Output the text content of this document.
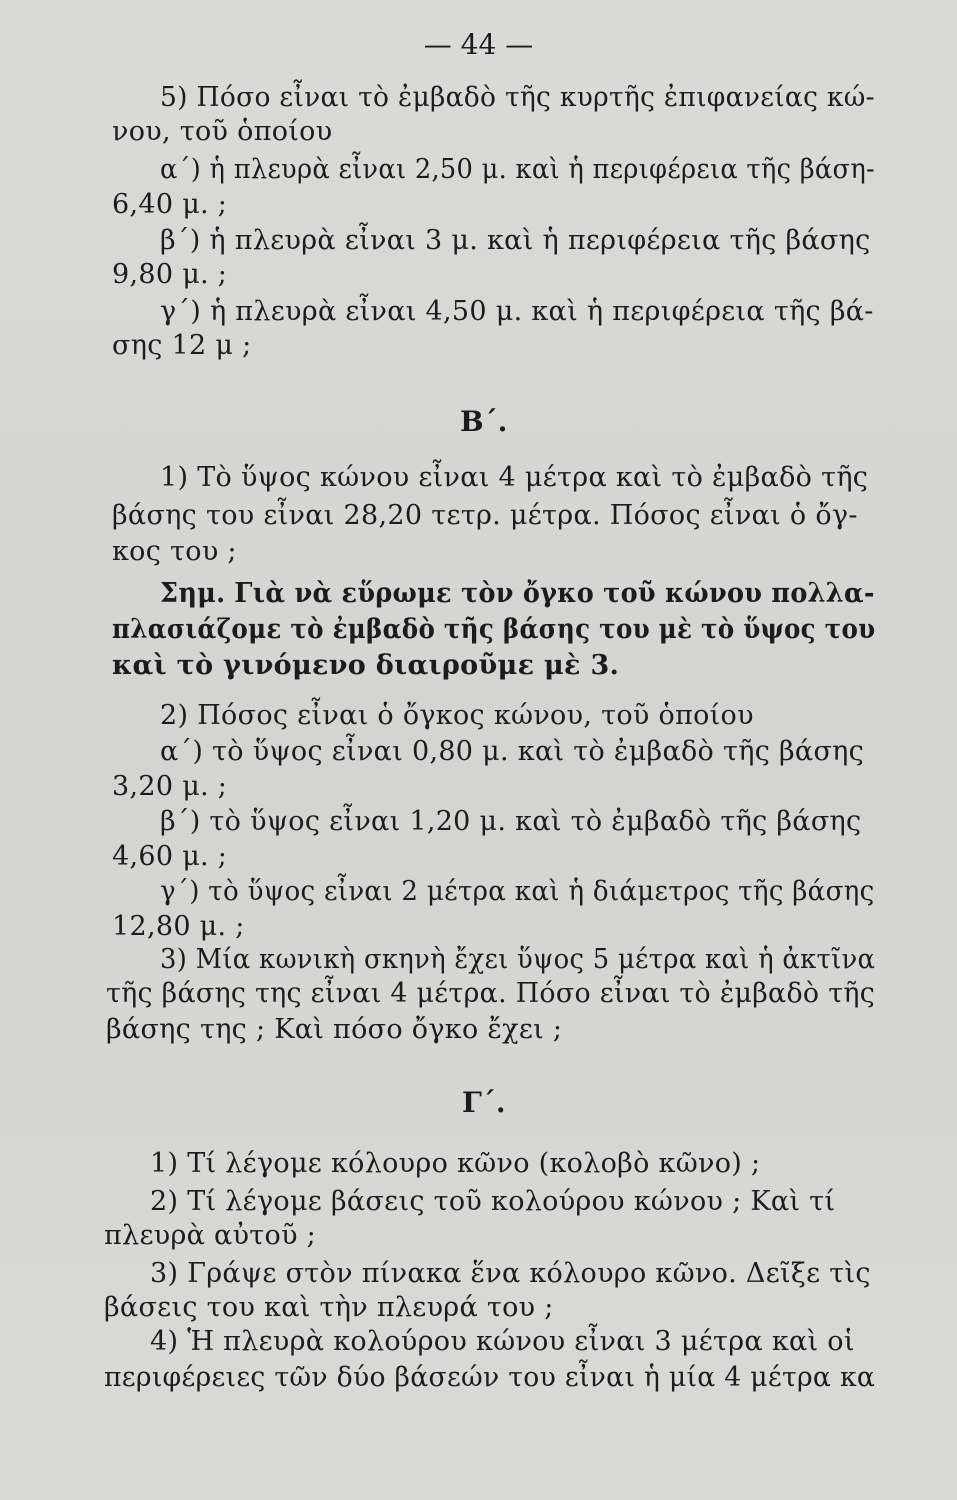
— 44 —

5) Πόσο εἶναι τὸ ἐμβαδὸ τῆς κυρτῆς ἐπιφανείας κώ-

νου, τοῦ ὁποίου

α΄) ἡ πλευρὰ εἶναι 2,50 μ. καὶ ἡ περιφέρεια τῆς βάση-

6,40 μ. ;

β΄) ἡ πλευρὰ εἶναι 3 μ. καὶ ἡ περιφέρεια τῆς βάσης

9,80 μ. ;

γ΄) ἡ πλευρὰ εἶναι 4,50 μ. καὶ ἡ περιφέρεια τῆς βά-

σης 12 μ ;

Β΄.

1) Τὸ ὕψος κώνου εἶναι 4 μέτρα καὶ τὸ ἐμβαδὸ τῆς

βάσης του εἶναι 28,20 τετρ. μέτρα. Πόσος εἶναι ὁ ὄγ-

κος του ;

Σημ. Γιὰ νὰ εὕρωμε τὸν ὄγκο τοῦ κώνου πολλα-

πλασιάζομε τὸ ἐμβαδὸ τῆς βάσης του μὲ τὸ ὕψος του

καὶ τὸ γινόμενο διαιροῦμε μὲ 3.

2) Πόσος εἶναι ὁ ὄγκος κώνου, τοῦ ὁποίου

α΄) τὸ ὕψος εἶναι 0,80 μ. καὶ τὸ ἐμβαδὸ τῆς βάσης

3,20 μ. ;

β΄) τὸ ὕψος εἶναι 1,20 μ. καὶ τὸ ἐμβαδὸ τῆς βάσης

4,60 μ. ;

γ΄) τὸ ὕψος εἶναι 2 μέτρα καὶ ἡ διάμετρος τῆς βάσης

12,80 μ. ;

3) Μία κωνικὴ σκηνὴ ἔχει ὕψος 5 μέτρα καὶ ἡ ἀκτῖνα

τῆς βάσης της εἶναι 4 μέτρα. Πόσο εἶναι τὸ ἐμβαδὸ τῆς

βάσης της ; Καὶ πόσο ὄγκο ἔχει ;

Γ΄.

1) Τί λέγομε κόλουρο κῶνο (κολοβὸ κῶνο) ;

2) Τί λέγομε βάσεις τοῦ κολούρου κώνου ; Καὶ τί

πλευρὰ αὐτοῦ ;

3) Γράψε στὸν πίνακα ἕνα κόλουρο κῶνο. Δεῖξε τὶς

βάσεις του καὶ τὴν πλευρά του ;

4) Ἡ πλευρὰ κολούρου κώνου εἶναι 3 μέτρα καὶ οἱ

περιφέρειες τῶν δύο βάσεών του εἶναι ἡ μία 4 μέτρα κα
